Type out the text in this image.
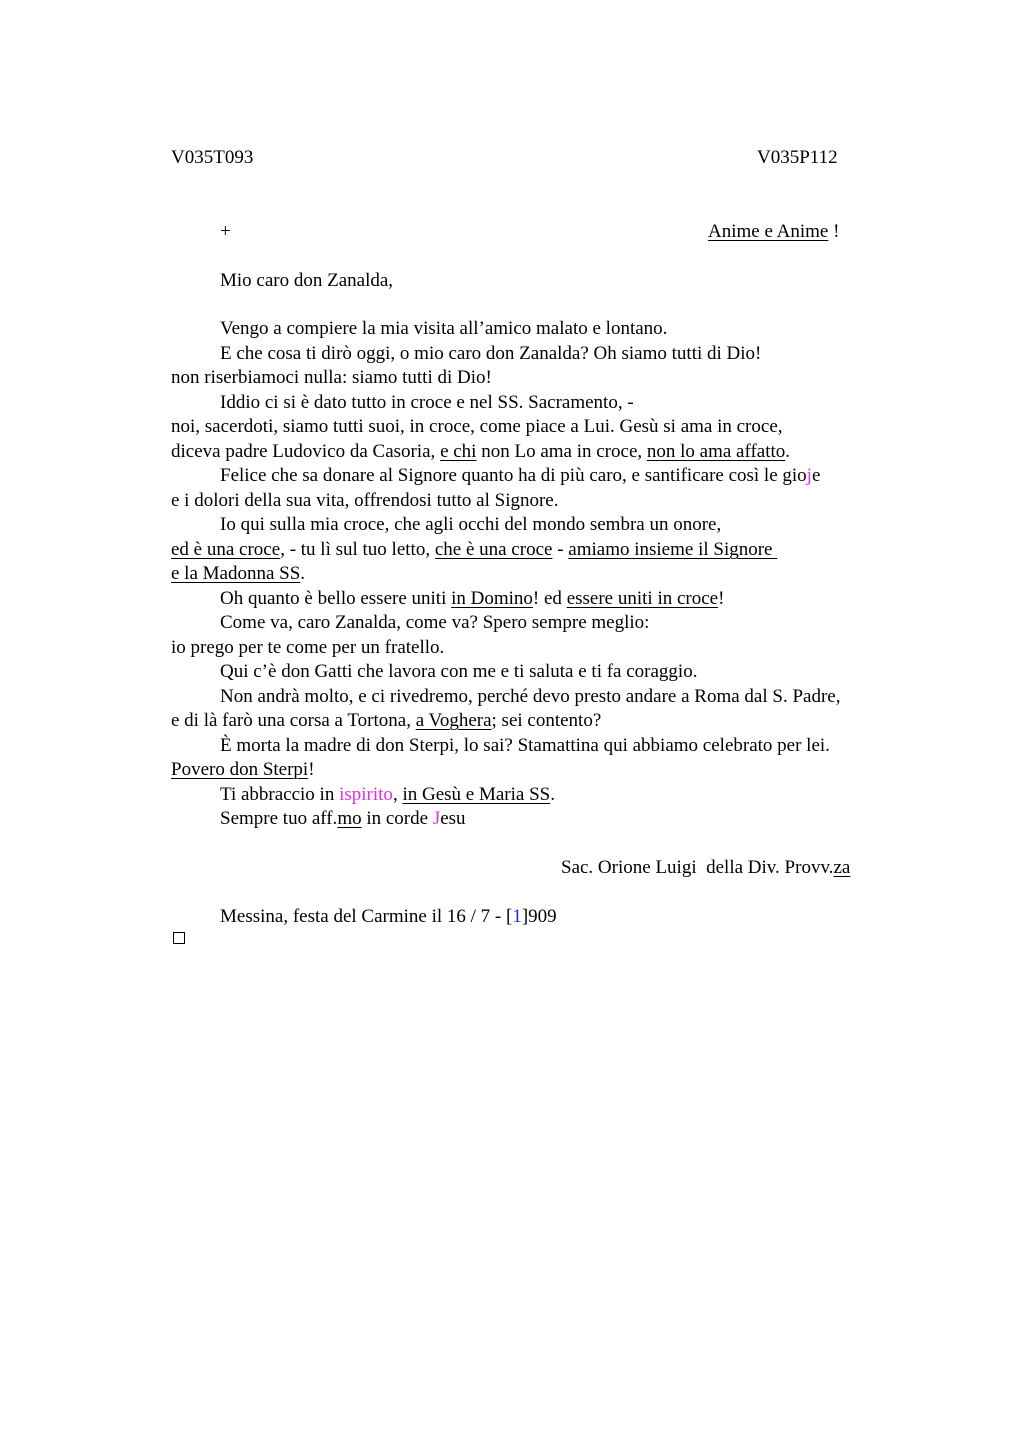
V035T093	V035P112
+	Anime e Anime !
Mio caro don Zanalda,
Vengo a compiere la mia visita all’amico malato e lontano.
E che cosa ti dirò oggi, o mio caro don Zanalda? Oh siamo tutti di Dio!
non riserbiamoci nulla: siamo tutti di Dio!
Iddio ci si è dato tutto in croce e nel SS. Sacramento, -
noi, sacerdoti, siamo tutti suoi, in croce, come piace a Lui. Gesù si ama in croce,
diceva padre Ludovico da Casoria, e chi non Lo ama in croce, non lo ama affatto.
Felice che sa donare al Signore quanto ha di più caro, e santificare così le gioje
e i dolori della sua vita, offrendosi tutto al Signore.
Io qui sulla mia croce, che agli occhi del mondo sembra un onore,
ed è una croce, - tu lì sul tuo letto, che è una croce - amiamo insieme il Signore
e la Madonna SS.
Oh quanto è bello essere uniti in Domino! ed essere uniti in croce!
Come va, caro Zanalda, come va? Spero sempre meglio:
io prego per te come per un fratello.
Qui c’è don Gatti che lavora con me e ti saluta e ti fa coraggio.
Non andrà molto, e ci rivedremo, perché devo presto andare a Roma dal S. Padre,
e di là farò una corsa a Tortona, a Voghera; sei contento?
È morta la madre di don Sterpi, lo sai? Stamattina qui abbiamo celebrato per lei.
Povero don Sterpi!
Ti abbraccio in ispirito, in Gesù e Maria SS.
Sempre tuo aff.mo in corde Jesu
Sac. Orione Luigi  della Div. Provv.za
Messina, festa del Carmine il 16 / 7 - [1]909
